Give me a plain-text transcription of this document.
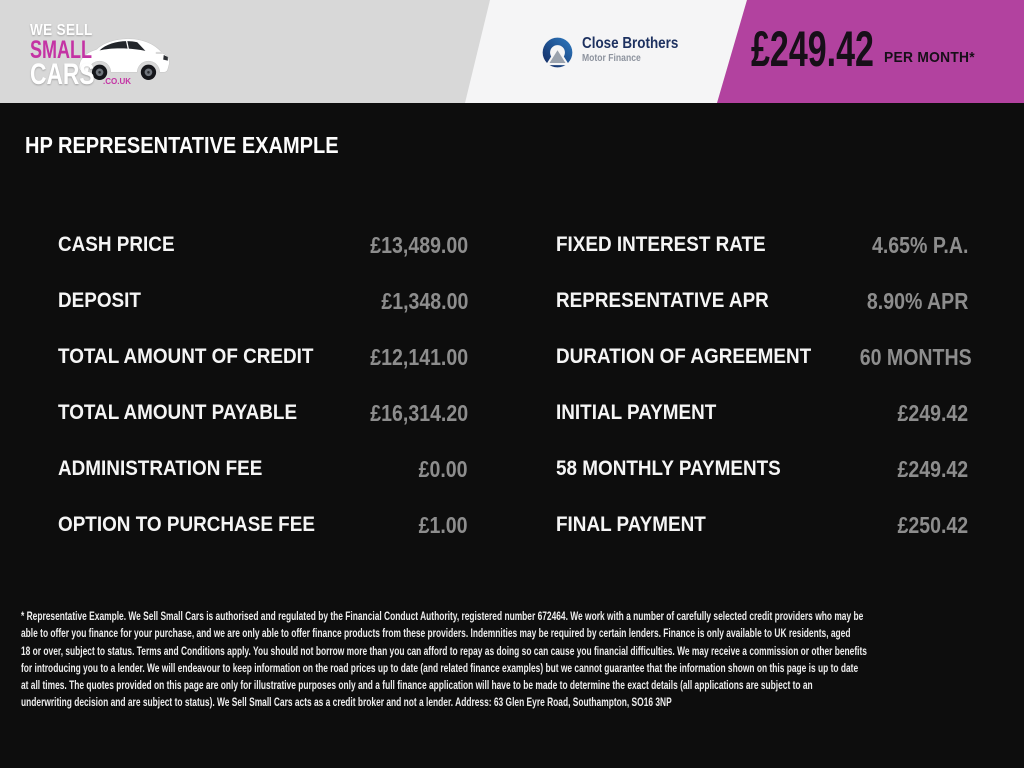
WE SELL
SMALL
CARS .CO.UK
Close Brothers
Motor Finance	£249.42 PER MONTH*
HP REPRESENTATIVE EXAMPLE
CASH PRICE	£13,489.00
DEPOSIT	£1,348.00
TOTAL AMOUNT OF CREDIT	£12,141.00
TOTAL AMOUNT PAYABLE	£16,314.20
ADMINISTRATION FEE	£0.00
OPTION TO PURCHASE FEE	£1.00
FIXED INTEREST RATE	4.65% P.A.
REPRESENTATIVE APR	8.90% APR
DURATION OF AGREEMENT	60 MONTHS
INITIAL PAYMENT	£249.42
58 MONTHLY PAYMENTS	£249.42
FINAL PAYMENT	£250.42
* Representative Example. We Sell Small Cars is authorised and regulated by the Financial Conduct Authority, registered number 672464. We work with a number of carefully selected credit providers who may be
able to offer you finance for your purchase, and we are only able to offer finance products from these providers. Indemnities may be required by certain lenders. Finance is only available to UK residents, aged
18 or over, subject to status. Terms and Conditions apply. You should not borrow more than you can afford to repay as doing so can cause you financial difficulties. We may receive a commission or other benefits
for introducing you to a lender. We will endeavour to keep information on the road prices up to date (and related finance examples) but we cannot guarantee that the information shown on this page is up to date
at all times. The quotes provided on this page are only for illustrative purposes only and a full finance application will have to be made to determine the exact details (all applications are subject to an
underwriting decision and are subject to status). We Sell Small Cars acts as a credit broker and not a lender. Address: 63 Glen Eyre Road, Southampton, SO16 3NP
